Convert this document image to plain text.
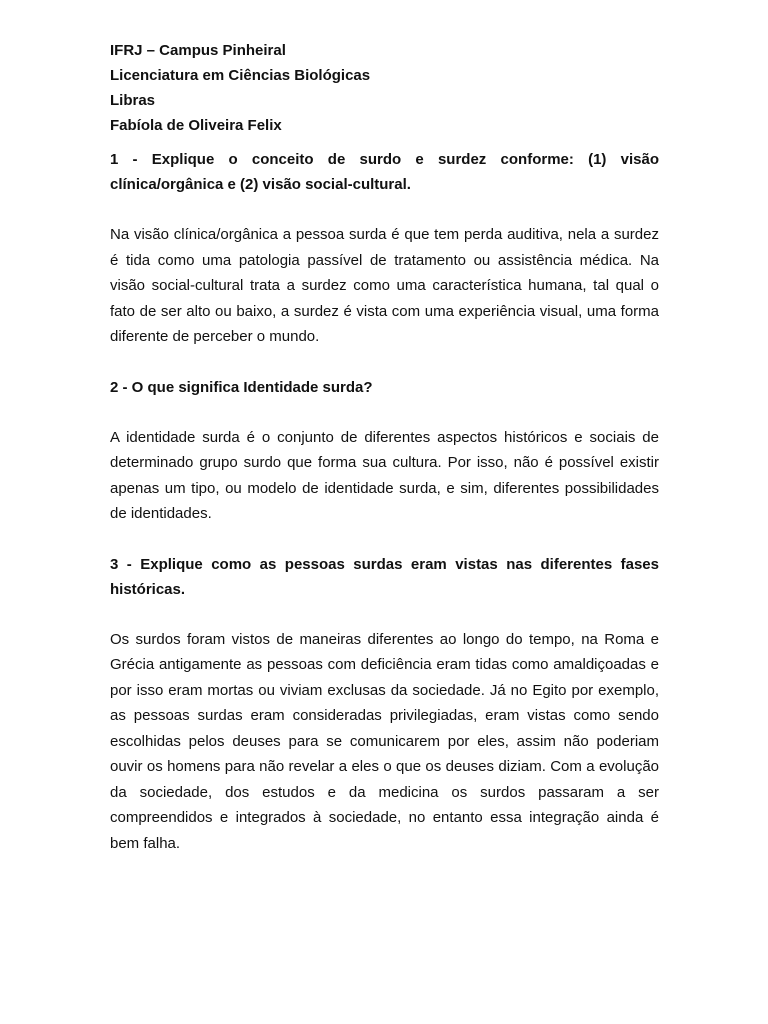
IFRJ – Campus Pinheiral

Licenciatura em Ciências Biológicas

Libras

Fabíola de Oliveira Felix

1 - Explique o conceito de surdo e surdez conforme: (1) visão clínica/orgânica e (2) visão social-cultural.

Na visão clínica/orgânica a pessoa surda é que tem perda auditiva, nela a surdez é tida como uma patologia passível de tratamento ou assistência médica. Na visão social-cultural trata a surdez como uma característica humana, tal qual o fato de ser alto ou baixo, a surdez é vista com uma experiência visual, uma forma diferente de perceber o mundo.

2 - O que significa Identidade surda?

A identidade surda é o conjunto de diferentes aspectos históricos e sociais de determinado grupo surdo que forma sua cultura. Por isso, não é possível existir apenas um tipo, ou modelo de identidade surda, e sim, diferentes possibilidades de identidades.

3 - Explique como as pessoas surdas eram vistas nas diferentes fases históricas.

Os surdos foram vistos de maneiras diferentes ao longo do tempo, na Roma e Grécia antigamente as pessoas com deficiência eram tidas como amaldiçoadas e por isso eram mortas ou viviam exclusas da sociedade. Já no Egito por exemplo, as pessoas surdas eram consideradas privilegiadas, eram vistas como sendo escolhidas pelos deuses para se comunicarem por eles, assim não poderiam ouvir os homens para não revelar a eles o que os deuses diziam. Com a evolução da sociedade, dos estudos e da medicina os surdos passaram a ser compreendidos e integrados à sociedade, no entanto essa integração ainda é bem falha.
